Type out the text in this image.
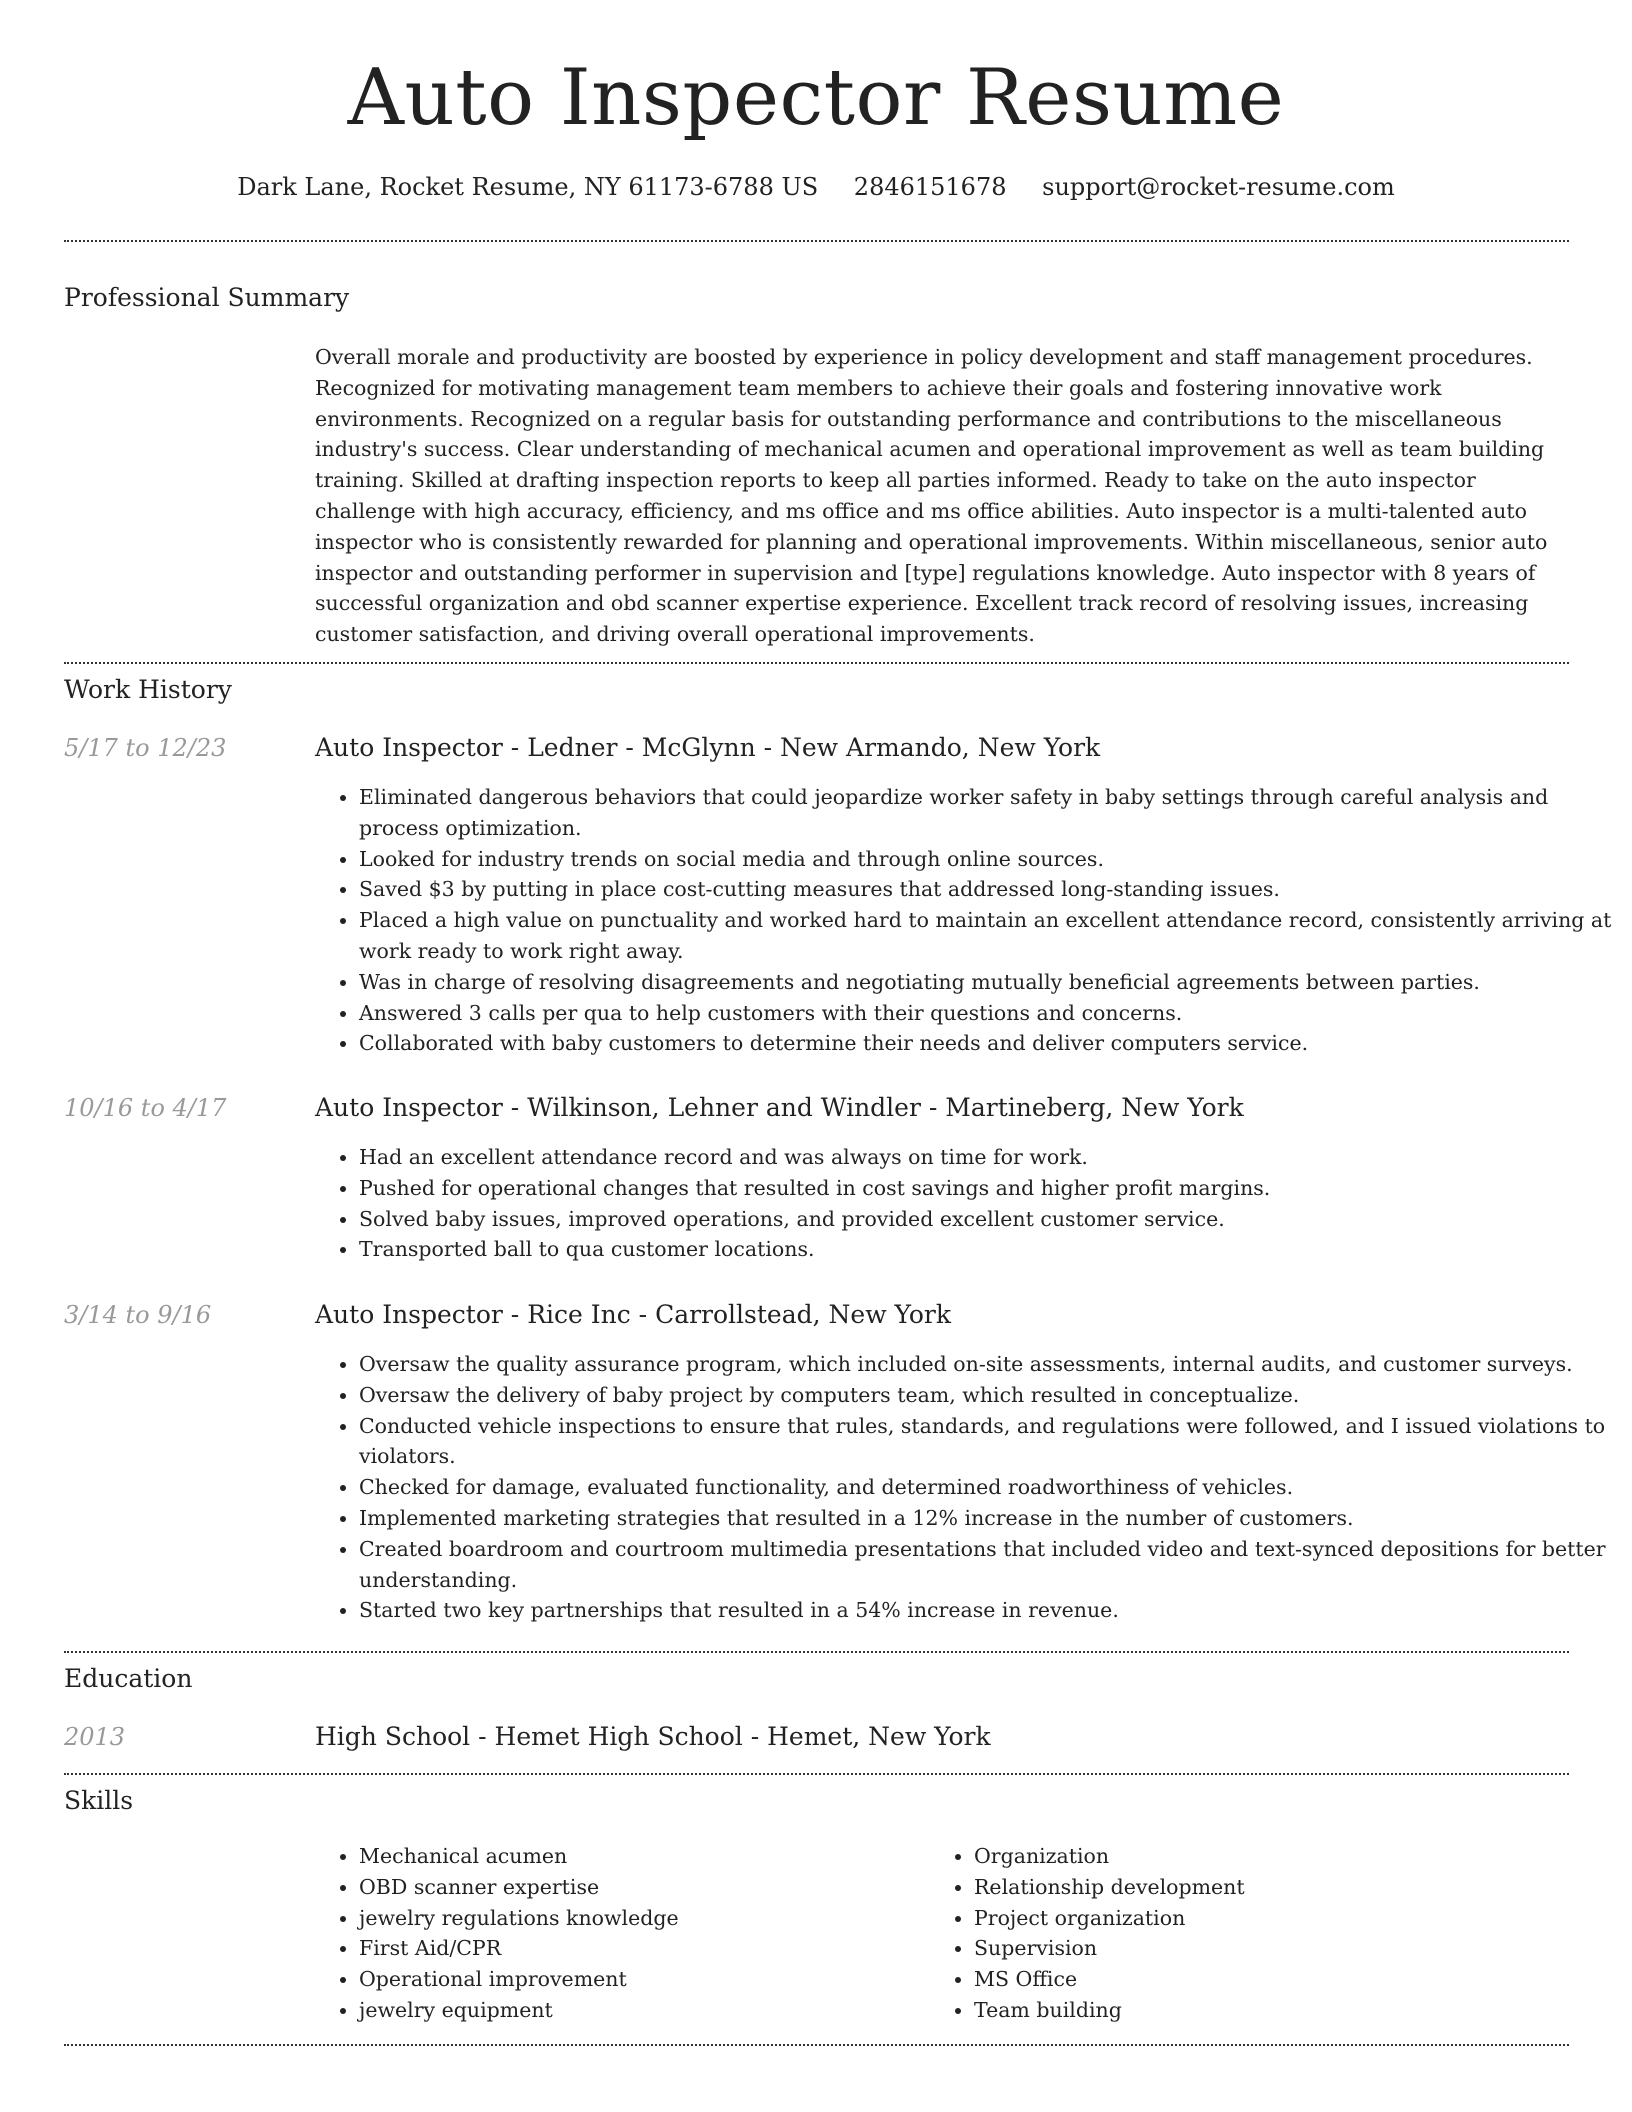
Auto Inspector Resume
Dark Lane, Rocket Resume, NY 61173-6788 US 2846151678 support@rocket-resume.com
Professional Summary

Overall morale and productivity are boosted by experience in policy development and staff management procedures. Recognized for motivating management team members to achieve their goals and fostering innovative work environments. Recognized on a regular basis for outstanding performance and contributions to the miscellaneous industry's success. Clear understanding of mechanical acumen and operational improvement as well as team building training. Skilled at drafting inspection reports to keep all parties informed. Ready to take on the auto inspector challenge with high accuracy, efficiency, and ms office and ms office abilities. Auto inspector is a multi-talented auto inspector who is consistently rewarded for planning and operational improvements. Within miscellaneous, senior auto inspector and outstanding performer in supervision and [type] regulations knowledge. Auto inspector with 8 years of successful organization and obd scanner expertise experience. Excellent track record of resolving issues, increasing customer satisfaction, and driving overall operational improvements.

Work History
5/17 to 12/23	Auto Inspector - Ledner - McGlynn - New Armando, New York
• Eliminated dangerous behaviors that could jeopardize worker safety in baby settings through careful analysis and process optimization.
• Looked for industry trends on social media and through online sources.
• Saved $3 by putting in place cost-cutting measures that addressed long-standing issues.
• Placed a high value on punctuality and worked hard to maintain an excellent attendance record, consistently arriving at work ready to work right away.
• Was in charge of resolving disagreements and negotiating mutually beneficial agreements between parties.
• Answered 3 calls per qua to help customers with their questions and concerns.
• Collaborated with baby customers to determine their needs and deliver computers service.
10/16 to 4/17	Auto Inspector - Wilkinson, Lehner and Windler - Martineberg, New York
• Had an excellent attendance record and was always on time for work.
• Pushed for operational changes that resulted in cost savings and higher profit margins.
• Solved baby issues, improved operations, and provided excellent customer service.
• Transported ball to qua customer locations.
3/14 to 9/16	Auto Inspector - Rice Inc - Carrollstead, New York
• Oversaw the quality assurance program, which included on-site assessments, internal audits, and customer surveys.
• Oversaw the delivery of baby project by computers team, which resulted in conceptualize.
• Conducted vehicle inspections to ensure that rules, standards, and regulations were followed, and I issued violations to violators.
• Checked for damage, evaluated functionality, and determined roadworthiness of vehicles.
• Implemented marketing strategies that resulted in a 12% increase in the number of customers.
• Created boardroom and courtroom multimedia presentations that included video and text-synced depositions for better understanding.
• Started two key partnerships that resulted in a 54% increase in revenue.
Education
2013	High School - Hemet High School - Hemet, New York
Skills
• Mechanical acumen
• OBD scanner expertise
• jewelry regulations knowledge
• First Aid/CPR
• Operational improvement
• jewelry equipment
• Organization
• Relationship development
• Project organization
• Supervision
• MS Office
• Team building
